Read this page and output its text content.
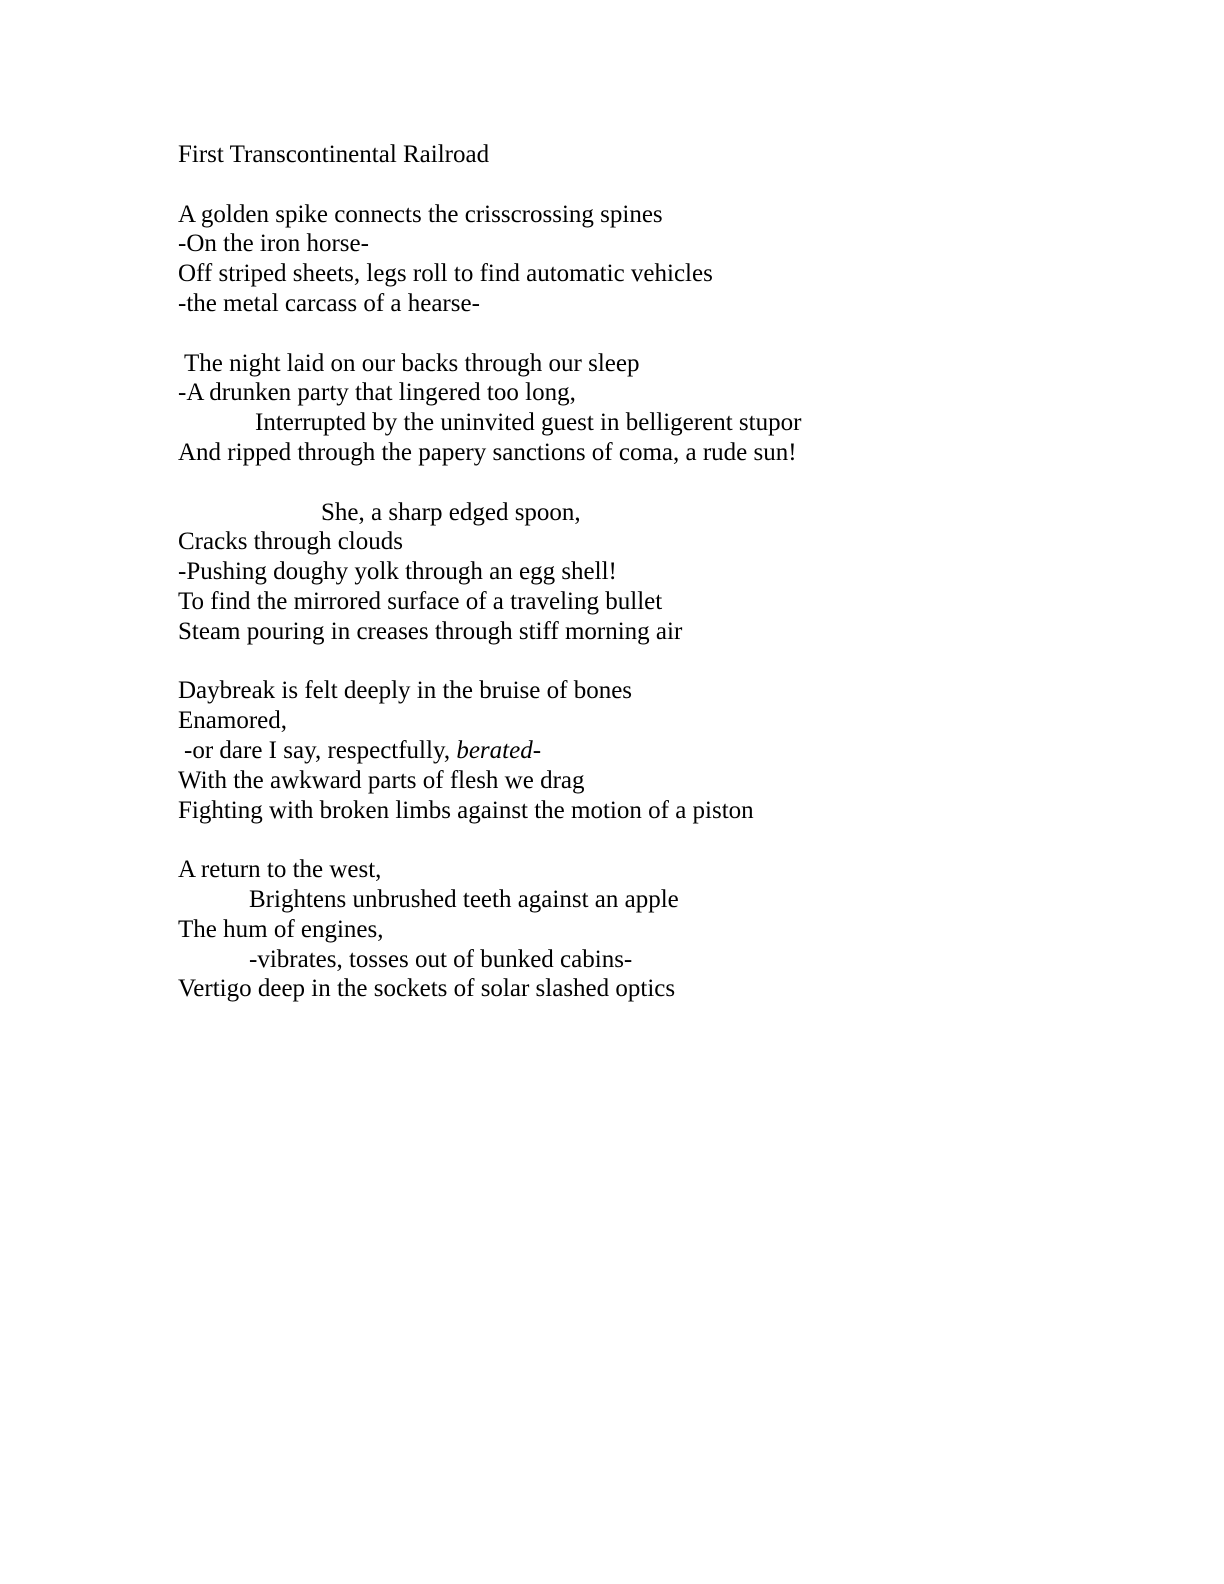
First Transcontinental Railroad
A golden spike connects the crisscrossing spines
-On the iron horse-
Off striped sheets, legs roll to find automatic vehicles
-the metal carcass of a hearse-
The night laid on our backs through our sleep
-A drunken party that lingered too long,
Interrupted by the uninvited guest in belligerent stupor
And ripped through the papery sanctions of coma, a rude sun!
She, a sharp edged spoon,
Cracks through clouds
-Pushing doughy yolk through an egg shell!
To find the mirrored surface of a traveling bullet
Steam pouring in creases through stiff morning air
Daybreak is felt deeply in the bruise of bones
Enamored,
-or dare I say, respectfully, berated-
With the awkward parts of flesh we drag
Fighting with broken limbs against the motion of a piston
A return to the west,
Brightens unbrushed teeth against an apple
The hum of engines,
-vibrates, tosses out of bunked cabins-
Vertigo deep in the sockets of solar slashed optics
